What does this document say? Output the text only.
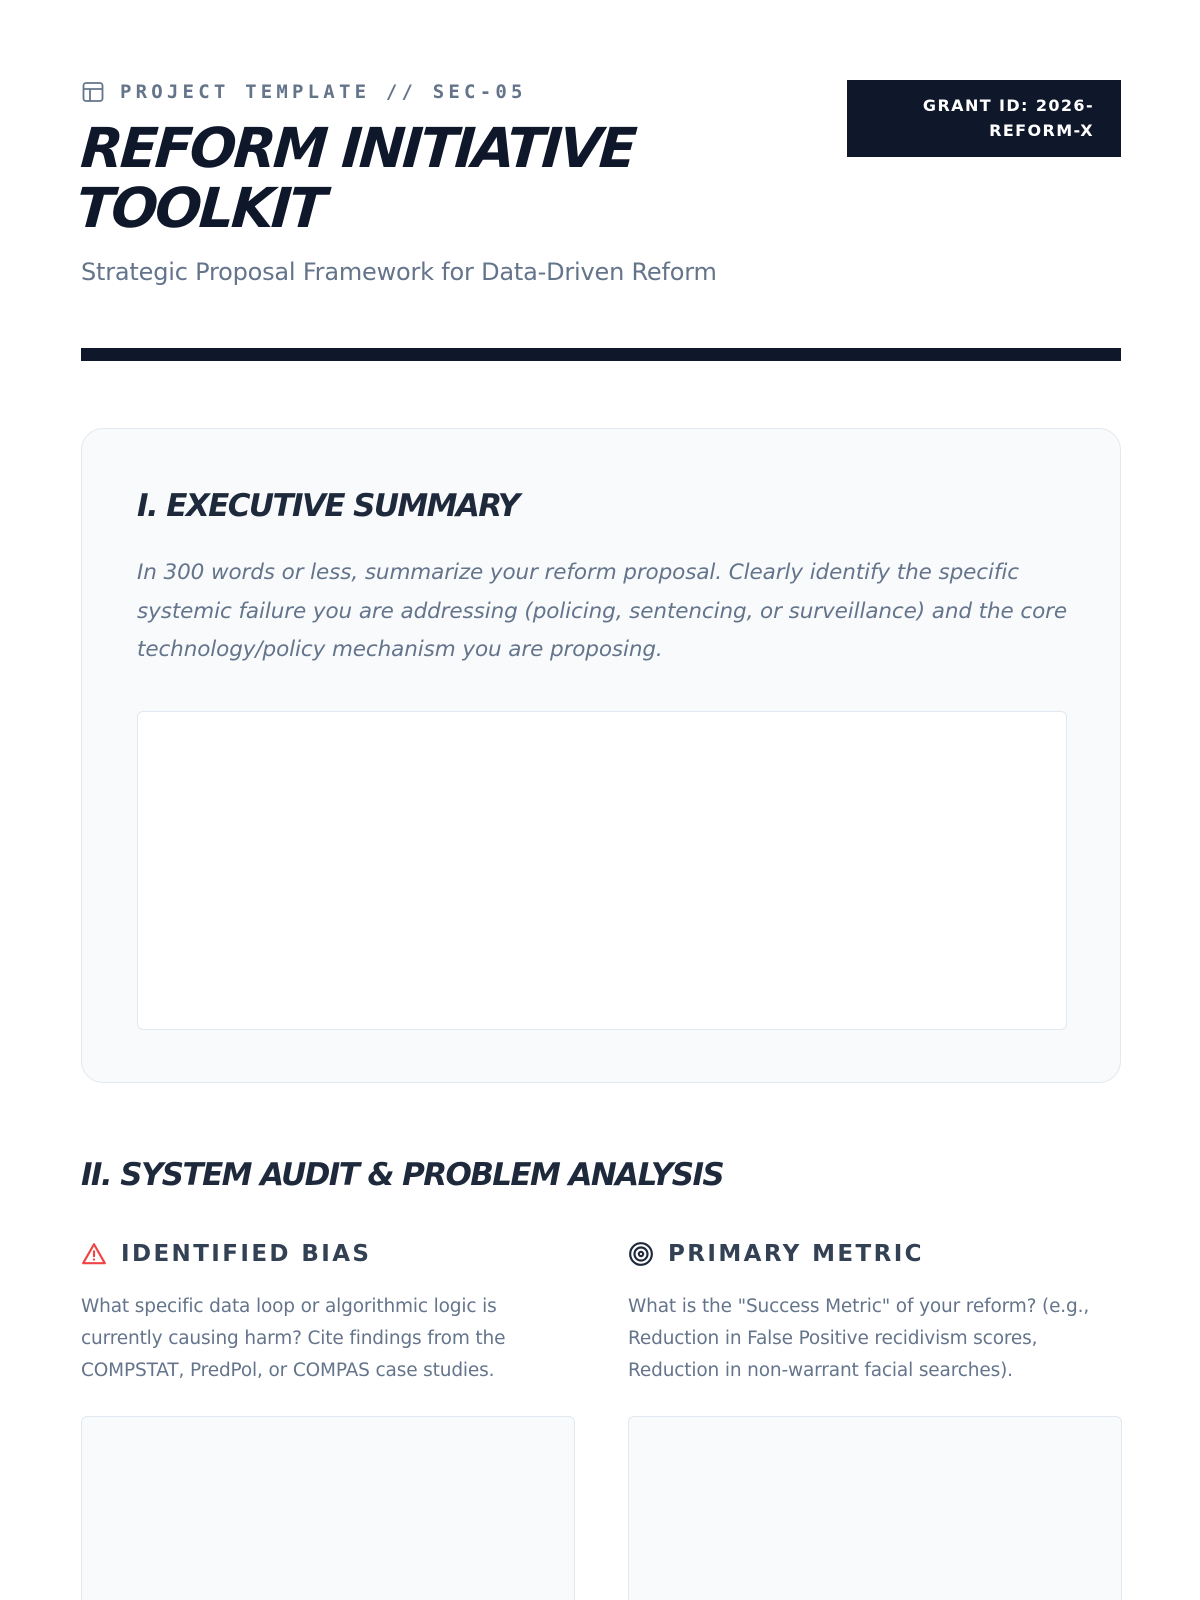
PROJECT TEMPLATE // SEC-05
REFORM INITIATIVE
TOOLKIT
Strategic Proposal Framework for Data-Driven Reform
GRANT ID: 2026-
REFORM-X
I. EXECUTIVE SUMMARY

In 300 words or less, summarize your reform proposal. Clearly identify the specific systemic failure you are addressing (policing, sentencing, or surveillance) and the core technology/policy mechanism you are proposing.

II. SYSTEM AUDIT & PROBLEM ANALYSIS
IDENTIFIED BIAS

What specific data loop or algorithmic logic is currently causing harm? Cite findings from the COMPSTAT, PredPol, or COMPAS case studies.

PRIMARY METRIC

What is the "Success Metric" of your reform? (e.g., Reduction in False Positive recidivism scores, Reduction in non-warrant facial searches).
